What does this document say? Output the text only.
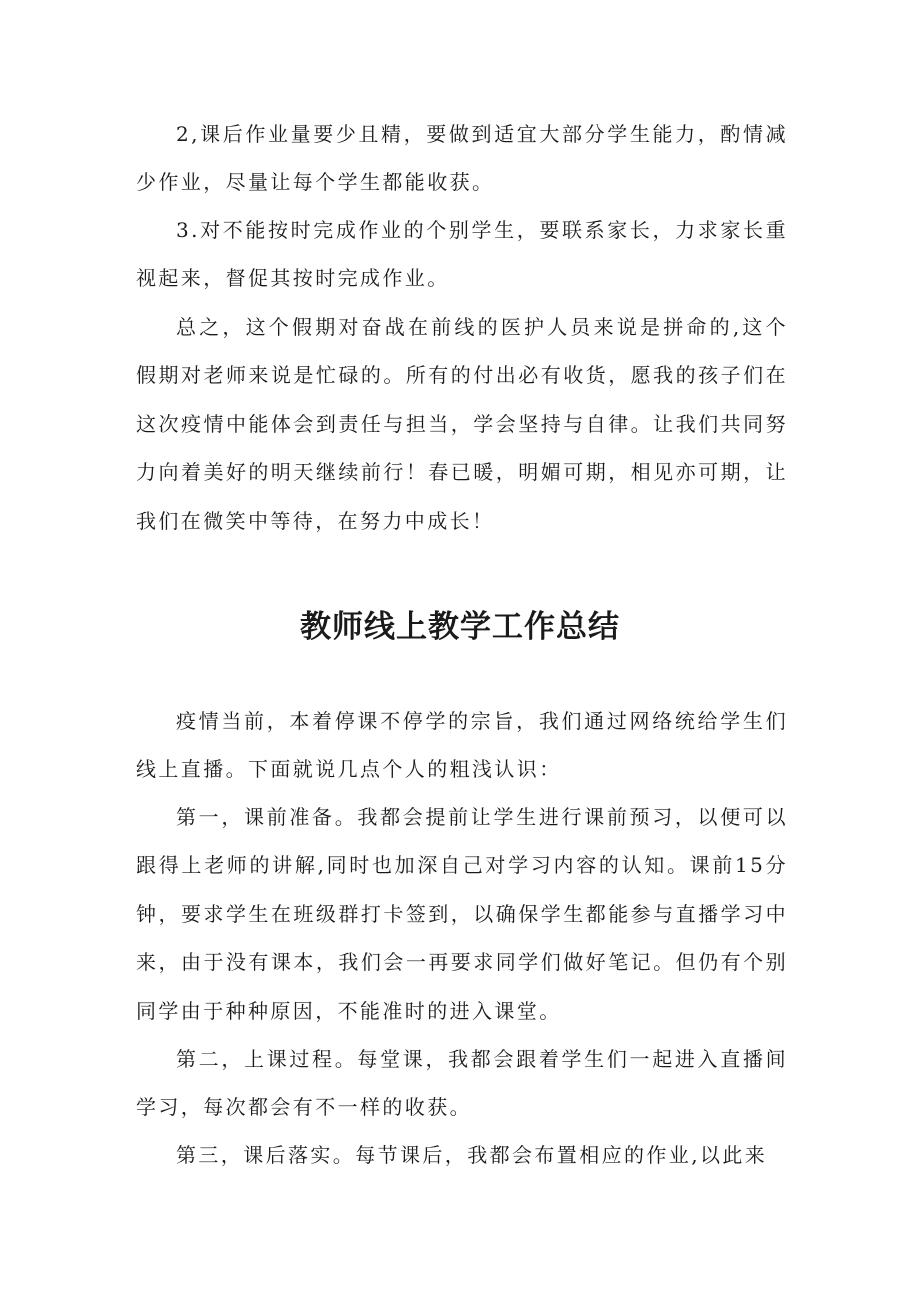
2,课后作业量要少且精，要做到适宜大部分学生能力，酌情减少作业，尽量让每个学生都能收获。

3.对不能按时完成作业的个别学生，要联系家长，力求家长重视起来，督促其按时完成作业。

总之，这个假期对奋战在前线的医护人员来说是拼命的,这个假期对老师来说是忙碌的。所有的付出必有收货，愿我的孩子们在这次疫情中能体会到责任与担当，学会坚持与自律。让我们共同努力向着美好的明天继续前行！春已暖，明媚可期，相见亦可期，让我们在微笑中等待，在努力中成长！

教师线上教学工作总结

疫情当前，本着停课不停学的宗旨，我们通过网络统给学生们线上直播。下面就说几点个人的粗浅认识：

第一，课前准备。我都会提前让学生进行课前预习，以便可以跟得上老师的讲解,同时也加深自己对学习内容的认知。课前15分钟，要求学生在班级群打卡签到，以确保学生都能参与直播学习中来，由于没有课本，我们会一再要求同学们做好笔记。但仍有个别同学由于种种原因，不能准时的进入课堂。

第二，上课过程。每堂课，我都会跟着学生们一起进入直播间学习，每次都会有不一样的收获。

第三，课后落实。每节课后，我都会布置相应的作业,以此来
